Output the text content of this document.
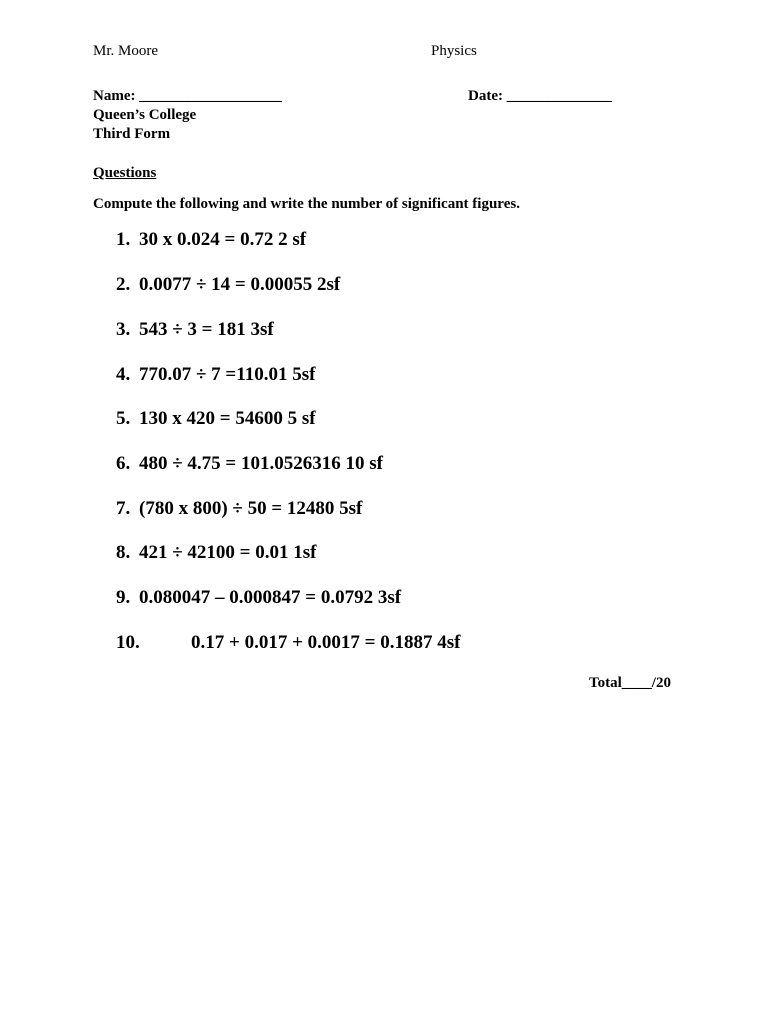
Mr. Moore	Physics
Name: ___________________	Date: ______________
Queen’s College
Third Form
Questions
Compute the following and write the number of significant figures.
1. 30 x 0.024 = 0.72 2 sf
2. 0.0077 ÷ 14 = 0.00055 2sf
3. 543 ÷ 3 = 181 3sf
4. 770.07 ÷ 7 =110.01 5sf
5. 130 x 420 = 54600 5 sf
6. 480 ÷ 4.75 = 101.0526316 10 sf
7. (780 x 800) ÷ 50 = 12480 5sf
8. 421 ÷ 42100 = 0.01 1sf
9. 0.080047 – 0.000847 = 0.0792 3sf
10.	0.17 + 0.017 + 0.0017 = 0.1887 4sf
Total____/20
